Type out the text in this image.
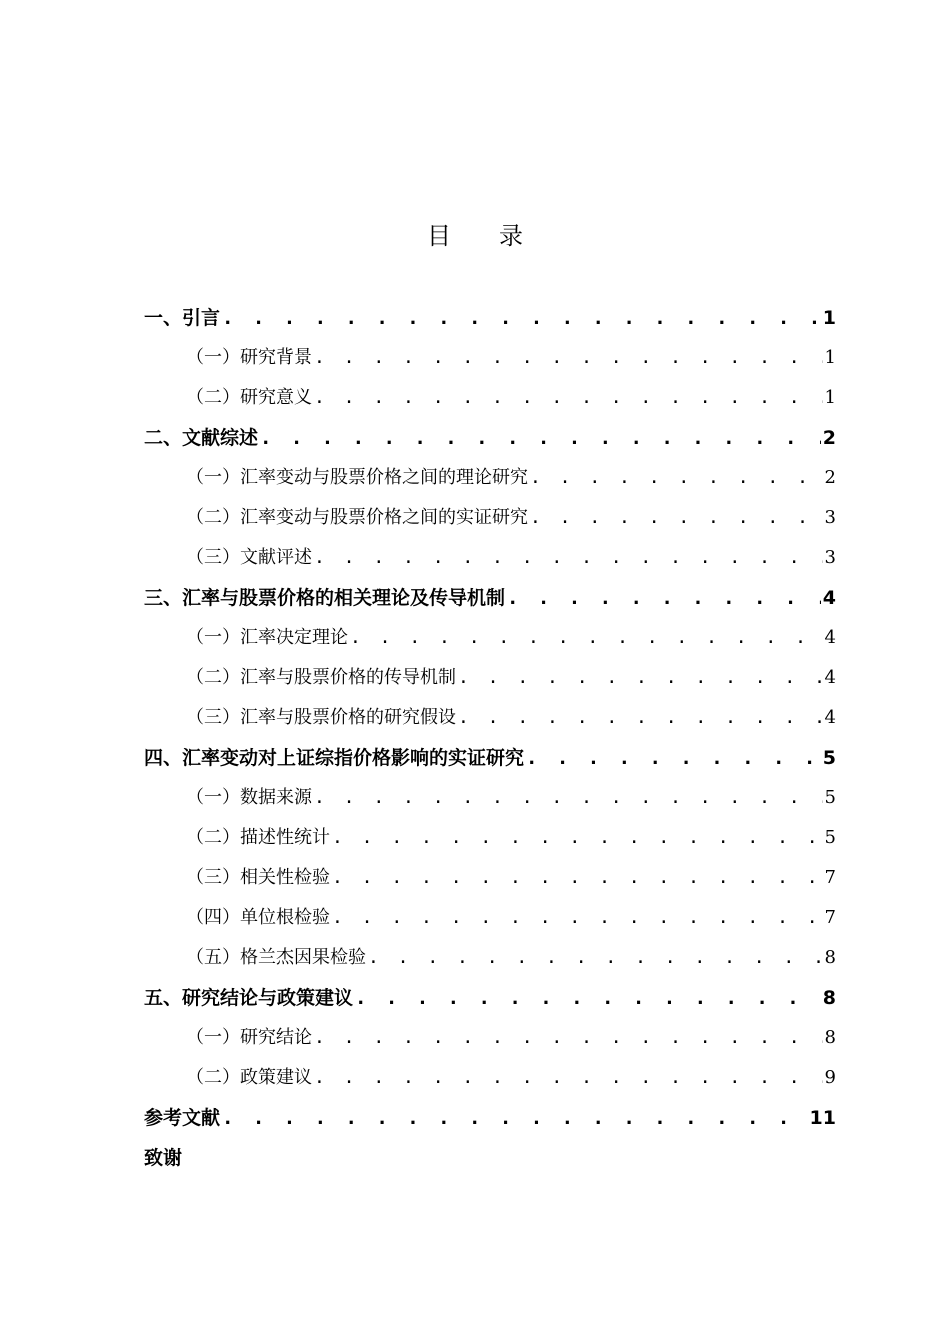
目 录
一、引言 . . .	1
（一）研究背景 . . .	1
（二）研究意义 . . .	1
二、文献综述 . . .	2
（一）汇率变动与股票价格之间的理论研究 . . .	2
（二）汇率变动与股票价格之间的实证研究 . . .	3
（三）文献评述 . . .	3
三、汇率与股票价格的相关理论及传导机制 . . .	4
（一）汇率决定理论 . . .	4
（二）汇率与股票价格的传导机制 . . .	4
（三）汇率与股票价格的研究假设 . . .	4
四、汇率变动对上证综指价格影响的实证研究 . . .	5
（一）数据来源 . . .	5
（二）描述性统计 . . .	5
（三）相关性检验 . . .	7
（四）单位根检验 . . .	7
（五）格兰杰因果检验 . . .	8
五、研究结论与政策建议 . . .	8
（一）研究结论 . . .	8
（二）政策建议 . . .	9
参考文献 . . .	11
致谢
